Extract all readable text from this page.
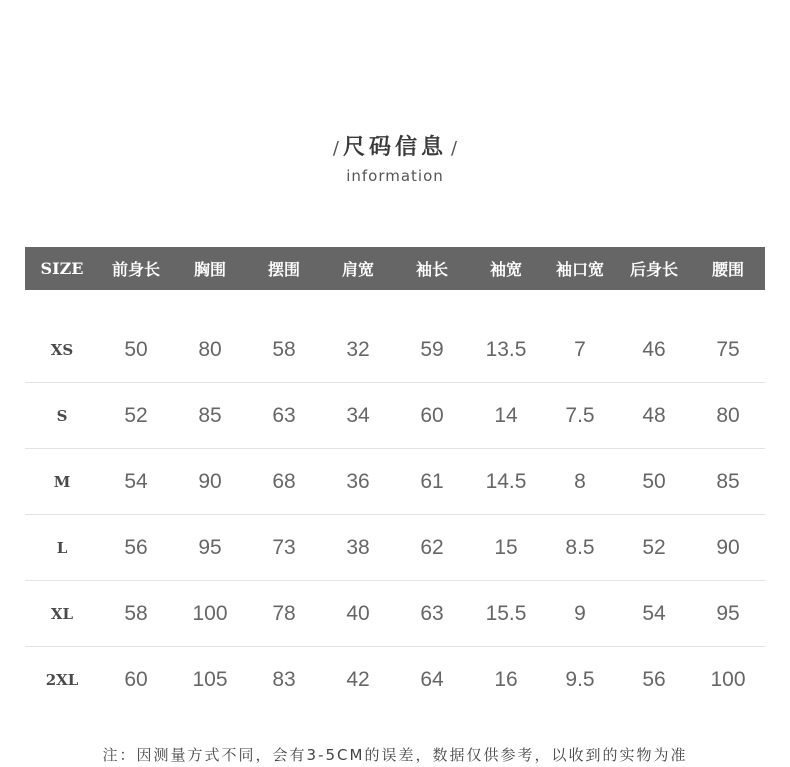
/ 尺码信息 /
information
SIZE	前身长	胸围	摆围	肩宽	袖长	袖宽	袖口宽	后身长	腰围
XS	50	80	58	32	59	13.5	7	46	75
S	52	85	63	34	60	14	7.5	48	80
M	54	90	68	36	61	14.5	8	50	85
L	56	95	73	38	62	15	8.5	52	90
XL	58	100	78	40	63	15.5	9	54	95
2XL	60	105	83	42	64	16	9.5	56	100
注：因测量方式不同，会有3-5CM的误差，数据仅供参考，以收到的实物为准
